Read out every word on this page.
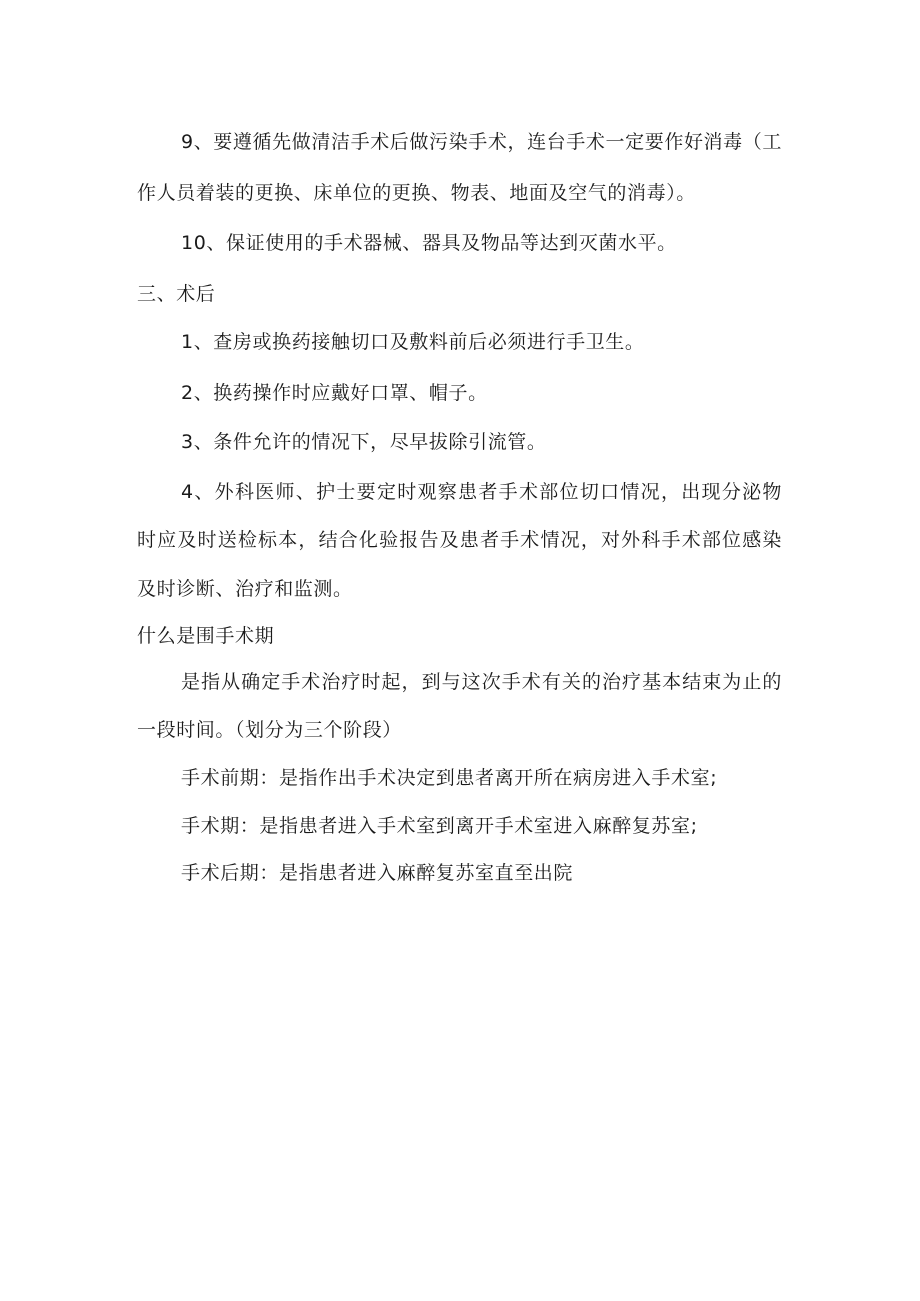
9、要遵循先做清洁手术后做污染手术，连台手术一定要作好消毒（工
作人员着装的更换、床单位的更换、物表、地面及空气的消毒）。
10、保证使用的手术器械、器具及物品等达到灭菌水平。
三、术后
1、查房或换药接触切口及敷料前后必须进行手卫生。
2、换药操作时应戴好口罩、帽子。
3、条件允许的情况下，尽早拔除引流管。
4、外科医师、护士要定时观察患者手术部位切口情况，出现分泌物
时应及时送检标本，结合化验报告及患者手术情况，对外科手术部位感染
及时诊断、治疗和监测。
什么是围手术期
是指从确定手术治疗时起，到与这次手术有关的治疗基本结束为止的
一段时间。（划分为三个阶段）
手术前期：是指作出手术决定到患者离开所在病房进入手术室;
手术期：是指患者进入手术室到离开手术室进入麻醉复苏室;
手术后期：是指患者进入麻醉复苏室直至出院
